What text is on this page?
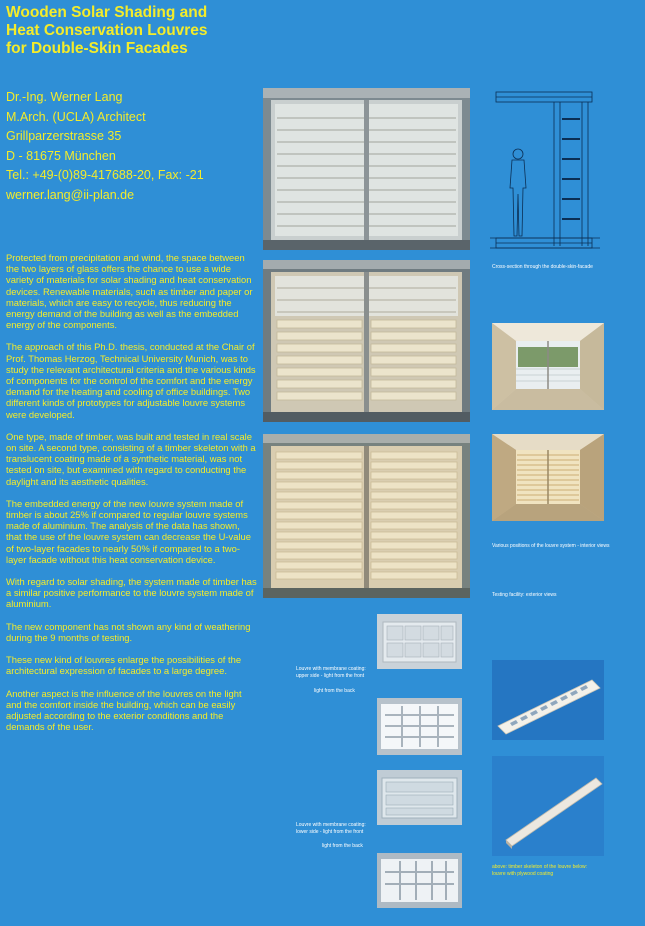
Wooden Solar Shading and
Heat Conservation Louvres
for Double-Skin Facades
Dr.-Ing. Werner Lang
M.Arch. (UCLA) Architect
Grillparzerstrasse 35
D - 81675 München
Tel.: +49-(0)89-417688-20, Fax: -21
werner.lang@ii-plan.de

Protected from precipitation and wind, the space between the two layers of glass offers the chance to use a wide variety of materials for solar shading and heat conservation devices. Renewable materials, such as timber and paper or materials, which are easy to recycle, thus reducing the energy demand of the building as well as the embedded energy of the components.

The approach of this Ph.D. thesis, conducted at the Chair of Prof. Thomas Herzog, Technical University Munich, was to study the relevant architectural criteria and the various kinds of components for the control of the comfort and the energy demand for the heating and cooling of office buildings. Two different kinds of prototypes for adjustable louvre systems were developed.

One type, made of timber, was built and tested in real scale on site. A second type, consisting of a timber skeleton with a translucent coating made of a synthetic material, was not tested on site, but examined with regard to conducting the daylight and its aesthetic qualities.

The embedded energy of the new louvre system made of timber is about 25% if compared to regular louvre systems made of aluminium. The analysis of the data has shown, that the use of the louvre system can decrease the U-value of two-layer facades to nearly 50% if compared to a two-layer facade without this heat conservation device.

With regard to solar shading, the system made of timber has a similar positive performance to the louvre system made of aluminium.

The new component has not shown any kind of weathering during the 9 months of testing.

These new kind of louvres enlarge the possibilities of the architectural expression of facades to a large degree.

Another aspect is the influence of the louvres on the light and the comfort inside the building, which can be easily adjusted according to the exterior conditions and the demands of the user.

Cross-section through the double-skin-facade
Various positions of the louvre system - interior views
Testing facility: exterior views
Louvre with membrane coating: upper side - light from the front
light from the back
Louvre with membrane coating: lower side - light from the front
light from the back
above: timber skeleton of the louvre below: louvre with plywood coating
